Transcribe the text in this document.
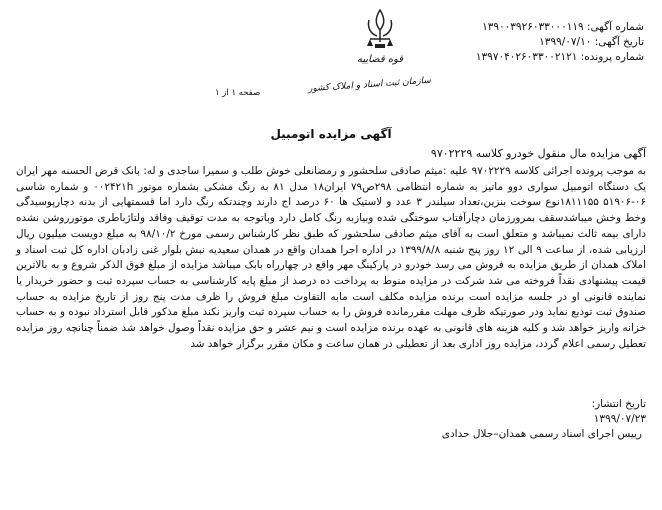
شماره آگهی: ۱۳۹۰۰۳۹۲۶۰۳۳۰۰۰۱۱۹
تاریخ آگهی: ۱۳۹۹/۰۷/۱۰
شماره پرونده: ۱۳۹۷۰۴۰۲۶۰۳۳۰۰۲۱۲۱
قوه قضاییه
سازمان ثبت اسناد و املاک کشور
صفحه ۱ از ۱
آگهی مزایده اتومبیل
آگهی مزایده مال منقول خودرو کلاسه ۹۷۰۲۲۲۹
به موجب پرونده اجرائی کلاسه ۹۷۰۲۲۲۹ علیه :میثم صادقی سلحشور و رمضانعلی خوش طلب و سمیرا ساجدی و له: بانک قرض الحسنه مهر ایران یک دستگاه اتومبیل سواری دوو ماتیز به شماره انتظامی ۲۹۸ص۷۹ ایران۱۸ مدل ۸۱ به رنگ مشکی بشماره موتور ۰۰۲۴۲۱h و شماره شاسی ۰۶-۵۱۹۰۶ ۱۸۱۱۱۵۵نوع سوخت بنزین،تعداد سیلندر ۳ عدد و لاستیک ها ۶۰ درصد اج دارند وچندتکه رنگ دارد اما قسمتهایی از بدنه دچارپوسیدگی وخط وخش میباشدسقف بمرورزمان دچارآفتاب سوختگی شده وبیازبه رنگ کامل دارد وباتوجه به مدت توقیف وفاقد ولتاژباطری موتورروشن نشده دارای بیمه ثالث نمیباشد و متعلق است به آقای میثم صادقی سلحشور که طبق نظر کارشناس رسمی مورخ ۹۸/۱۰/۲ به مبلغ دویست میلیون ریال ارزیابی شده، از ساعت ۹ الی ۱۲ روز پنج شنبه ۱۳۹۹/۸/۸ در اداره اجرا همدان واقع در همدان سعیدیه نبش بلوار غنی زادبان اداره کل ثبت اسناد و املاک همدان از طریق مزایده به فروش می رسد خودرو در پارکینگ مهر واقع در چهارراه بابک میباشد مزایده از مبلغ فوق الذکر شروع و به بالاترین قیمت پیشنهادی نقداً فروخته می شد شرکت در مزایده منوط به پرداخت ده درصد از مبلغ پایه کارشناسی به حساب سپرده ثبت و حضور خریدار یا نماینده قانونی او در جلسه مزایده است برنده مزایده مکلف است مابه التفاوت مبلغ فروش را ظرف مدت پنج روز از تاریخ مزایده به حساب صندوق ثبت تودیع نماید ودر صورتیکه ظرف مهلت مقررمانده فروش را به حساب سپرده ثبت واریز نکند مبلغ مذکور قابل استرداد نبوده و به حساب خزانه واریز خواهد شد و کلیه هزینه های قانونی به عهده برنده مزایده است و نیم عشر و حق مزایده نقداً وصول خواهد شد ضمناً چنانچه روز مزایده تعطیل رسمی اعلام گردد، مزایده روز اداری بعد از تعطیلی در همان ساعت و مکان مقرر برگزار خواهد شد
تاریخ انتشار:
۱۳۹۹/۰۷/۲۳
رییس اجرای اسناد رسمی همدان–جلال حدادی
